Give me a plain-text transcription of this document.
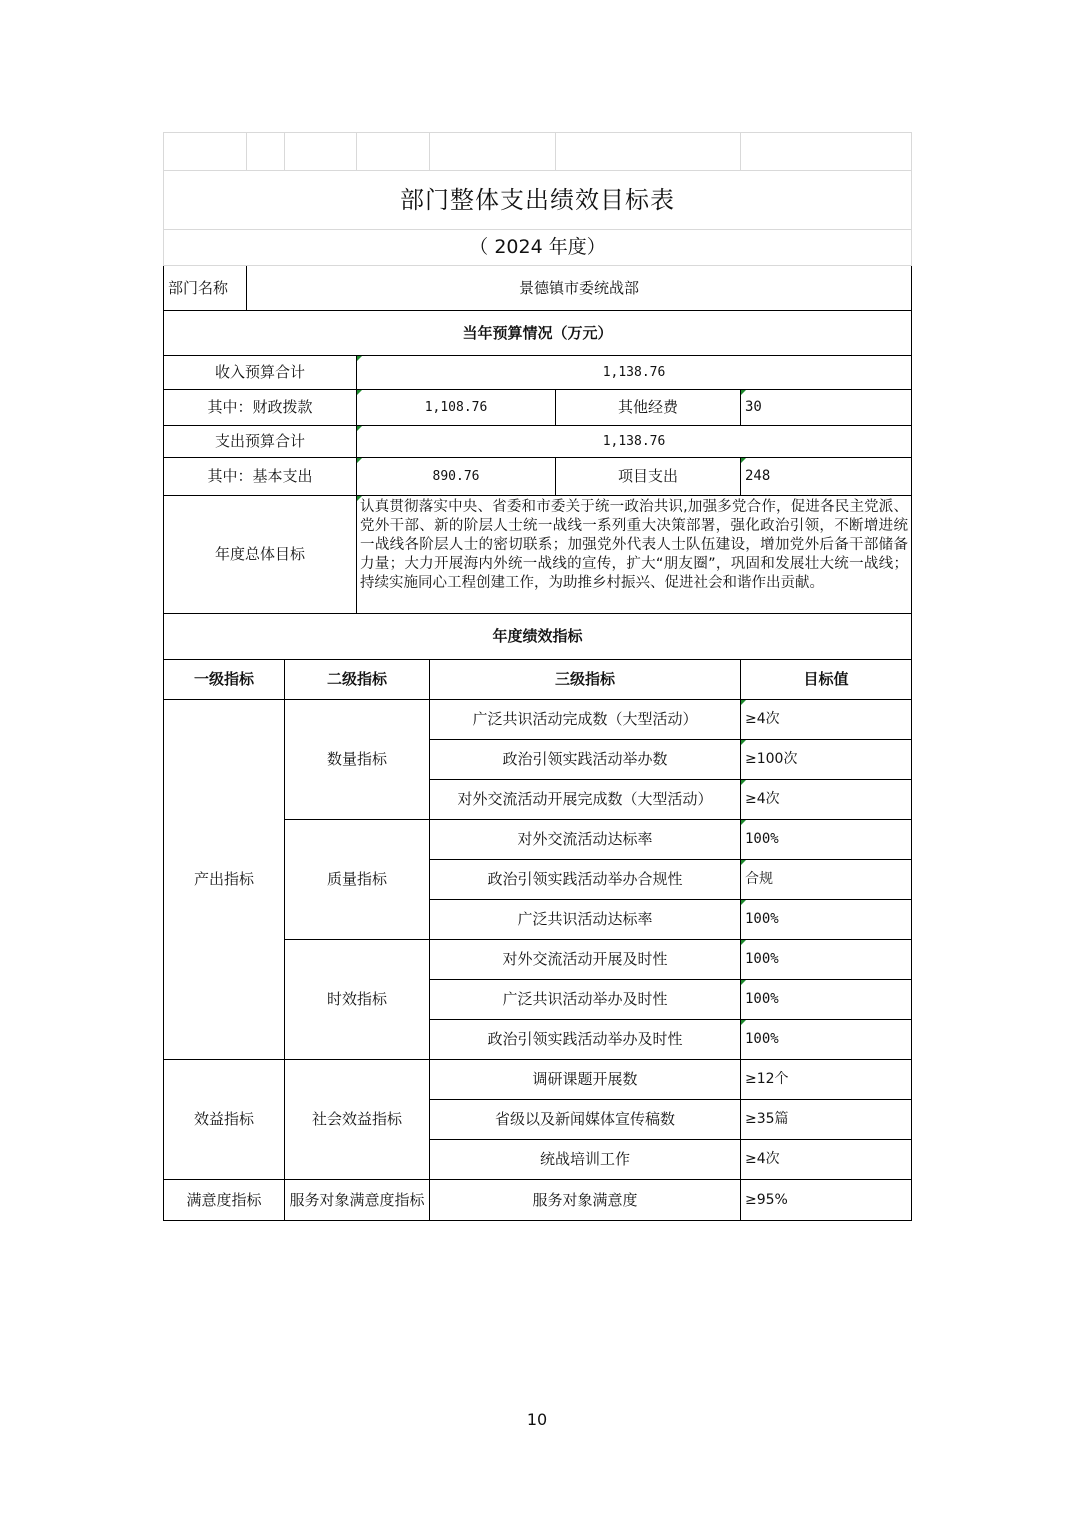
部门整体支出绩效目标表						
（ 2024 年度）						
部门名称	景德镇市委统战部					
当年预算情况（万元）						
收入预算合计			1,138.76			
其中：财政拨款			1,108.76		其他经费	30
支出预算合计			1,138.76			
其中：基本支出			890.76		项目支出	248
年度总体目标			认真贯彻落实中央、省委和市委关于统一政治共识,加强多党合作，促进各民主党派、党外干部、新的阶层人士统一战线一系列重大决策部署，强化政治引领，不断增进统一战线各阶层人士的密切联系；加强党外代表人士队伍建设，增加党外后备干部储备力量；大力开展海内外统一战线的宣传，扩大“朋友圈”，巩固和发展壮大统一战线；持续实施同心工程创建工作，为助推乡村振兴、促进社会和谐作出贡献。			
年度绩效指标						
一级指标		二级指标		三级指标		目标值
产出指标		数量指标		广泛共识活动完成数（大型活动）		≥4次
				政治引领实践活动举办数		≥100次
				对外交流活动开展完成数（大型活动）		≥4次
		质量指标		对外交流活动达标率		100%
				政治引领实践活动举办合规性		合规
				广泛共识活动达标率		100%
		时效指标		对外交流活动开展及时性		100%
				广泛共识活动举办及时性		100%
				政治引领实践活动举办及时性		100%
效益指标		社会效益指标		调研课题开展数		≥12个
				省级以及新闻媒体宣传稿数		≥35篇
				统战培训工作		≥4次
满意度指标		服务对象满意度指标		服务对象满意度		≥95%
10
